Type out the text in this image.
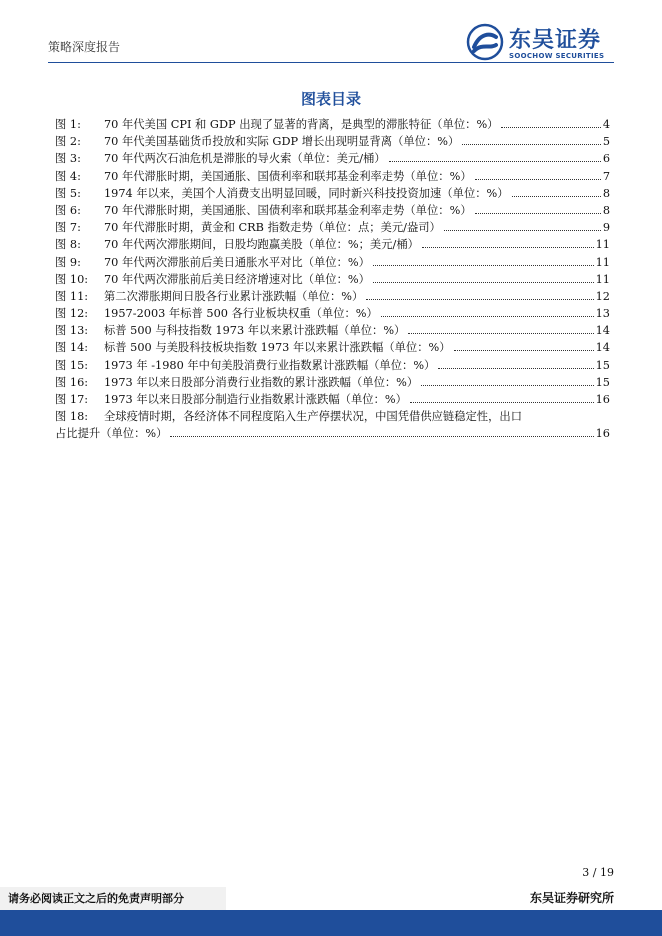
策略深度报告	东吴证券
SOOCHOW SECURITIES
图表目录
图 1:	70 年代美国 CPI 和 GDP 出现了显著的背离，是典型的滞胀特征（单位：%）	4
图 2:	70 年代美国基础货币投放和实际 GDP 增长出现明显背离（单位：%）	5
图 3:	70 年代两次石油危机是滞胀的导火索（单位：美元/桶）	6
图 4:	70 年代滞胀时期，美国通胀、国债利率和联邦基金利率走势（单位：%）	7
图 5:	1974 年以来，美国个人消费支出明显回暖，同时新兴科技投资加速（单位：%）	8
图 6:	70 年代滞胀时期，美国通胀、国债利率和联邦基金利率走势（单位：%）	8
图 7:	70 年代滞胀时期，黄金和 CRB 指数走势（单位：点；美元/盎司）	9
图 8:	70 年代两次滞胀期间，日股均跑赢美股（单位：%；美元/桶）	11
图 9:	70 年代两次滞胀前后美日通胀水平对比（单位：%）	11
图 10:	70 年代两次滞胀前后美日经济增速对比（单位：%）	11
图 11:	第二次滞胀期间日股各行业累计涨跌幅（单位：%）	12
图 12:	1957-2003 年标普 500 各行业板块权重（单位：%）	13
图 13:	标普 500 与科技指数 1973 年以来累计涨跌幅（单位：%）	14
图 14:	标普 500 与美股科技板块指数 1973 年以来累计涨跌幅（单位：%）	14
图 15:	1973 年 -1980 年中旬美股消费行业指数累计涨跌幅（单位：%）	15
图 16:	1973 年以来日股部分消费行业指数的累计涨跌幅（单位：%）	15
图 17:	1973 年以来日股部分制造行业指数累计涨跌幅（单位：%）	16
图 18:	全球疫情时期，各经济体不同程度陷入生产停摆状况，中国凭借供应链稳定性，出口
占比提升（单位：%）	16
3 / 19
请务必阅读正文之后的免责声明部分	东吴证券研究所
